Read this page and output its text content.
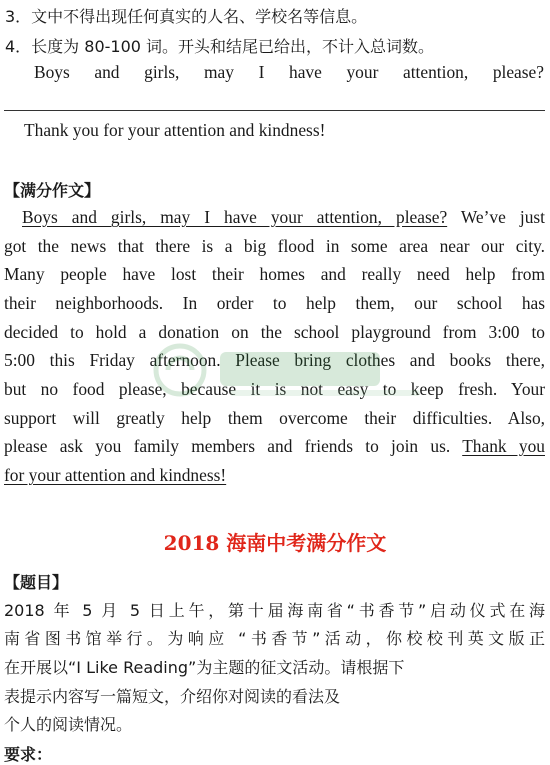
3．文中不得出现任何真实的人名、学校名等信息。
4．长度为 80-100 词。开头和结尾已给出，不计入总词数。
Boys and girls, may I have your attention, please?
Thank you for your attention and kindness!
【满分作文】
Boys and girls, may I have your attention, please? We’ve just
got the news that there is a big flood in some area near our city.
Many people have lost their homes and really need help from
their neighborhoods. In order to help them, our school has
decided to hold a donation on the school playground from 3:00 to
5:00 this Friday afternoon. Please bring clothes and books there,
but no food please, because it is not easy to keep fresh. Your
support will greatly help them overcome their difficulties. Also,
please ask you family members and friends to join us. Thank you
for your attention and kindness!
2018 海南中考满分作文
【题目】
2018 年 5 月 5 日上午，第十届海南省“书香节”启动仪式在海
南省图书馆举行。为响应 “书香节”活动，你校校刊英文版正
在开展以“I Like Reading”为主题的征文活动。请根据下
表提示内容写一篇短文，介绍你对阅读的看法及
个人的阅读情况。
要求：
